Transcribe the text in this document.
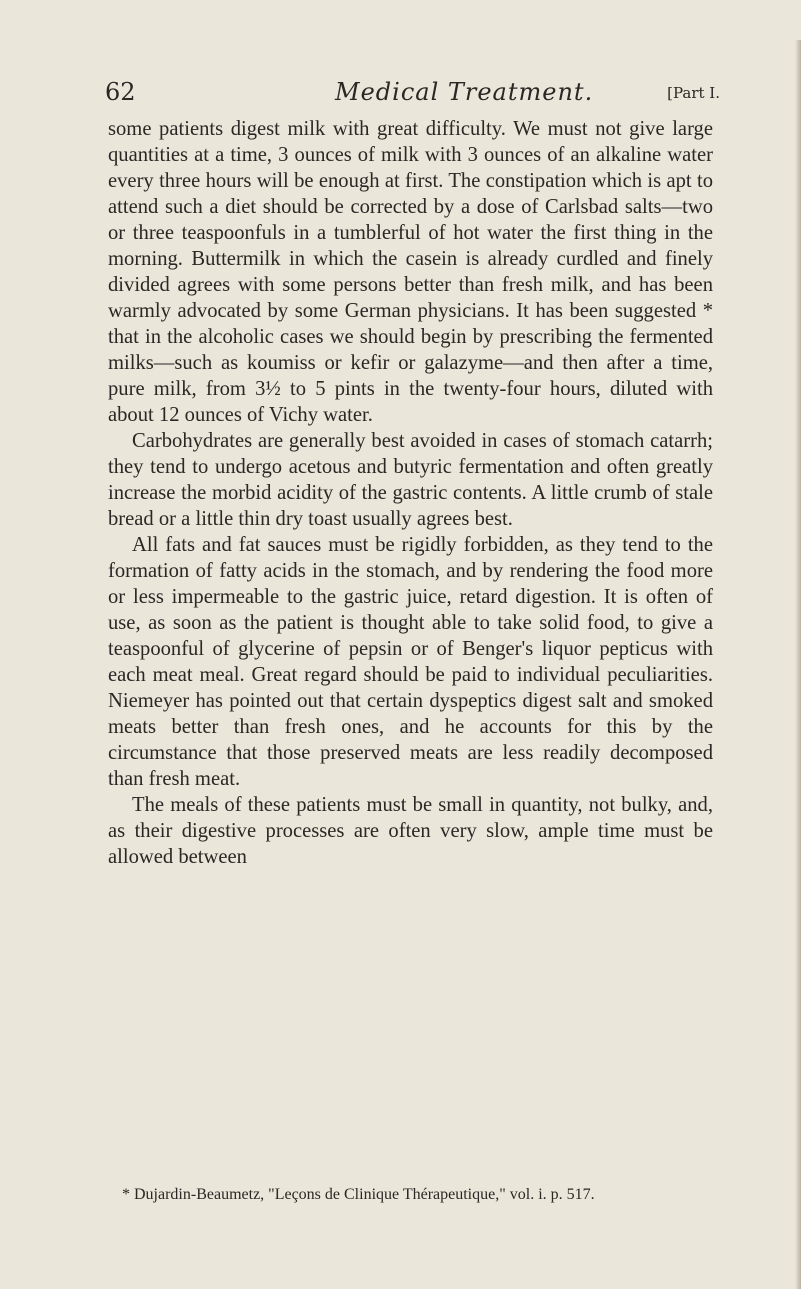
62	Medical Treatment.	[Part I.

some patients digest milk with great difficulty. We must not give large quantities at a time, 3 ounces of milk with 3 ounces of an alkaline water every three hours will be enough at first. The constipation which is apt to attend such a diet should be corrected by a dose of Carlsbad salts—two or three teaspoonfuls in a tumblerful of hot water the first thing in the morning. Buttermilk in which the casein is already curdled and finely divided agrees with some persons better than fresh milk, and has been warmly advocated by some German physicians. It has been suggested * that in the alcoholic cases we should begin by prescribing the fermented milks—such as koumiss or kefir or galazyme—and then after a time, pure milk, from 3½ to 5 pints in the twenty-four hours, diluted with about 12 ounces of Vichy water.

Carbohydrates are generally best avoided in cases of stomach catarrh; they tend to undergo acetous and butyric fermentation and often greatly increase the morbid acidity of the gastric contents. A little crumb of stale bread or a little thin dry toast usually agrees best.

All fats and fat sauces must be rigidly forbidden, as they tend to the formation of fatty acids in the stomach, and by rendering the food more or less impermeable to the gastric juice, retard digestion. It is often of use, as soon as the patient is thought able to take solid food, to give a teaspoonful of glycerine of pepsin or of Benger's liquor pepticus with each meat meal. Great regard should be paid to individual peculiarities. Niemeyer has pointed out that certain dyspeptics digest salt and smoked meats better than fresh ones, and he accounts for this by the circumstance that those preserved meats are less readily decomposed than fresh meat.

The meals of these patients must be small in quantity, not bulky, and, as their digestive processes are often very slow, ample time must be allowed between

* Dujardin-Beaumetz, "Leçons de Clinique Thérapeutique," vol. i. p. 517.
